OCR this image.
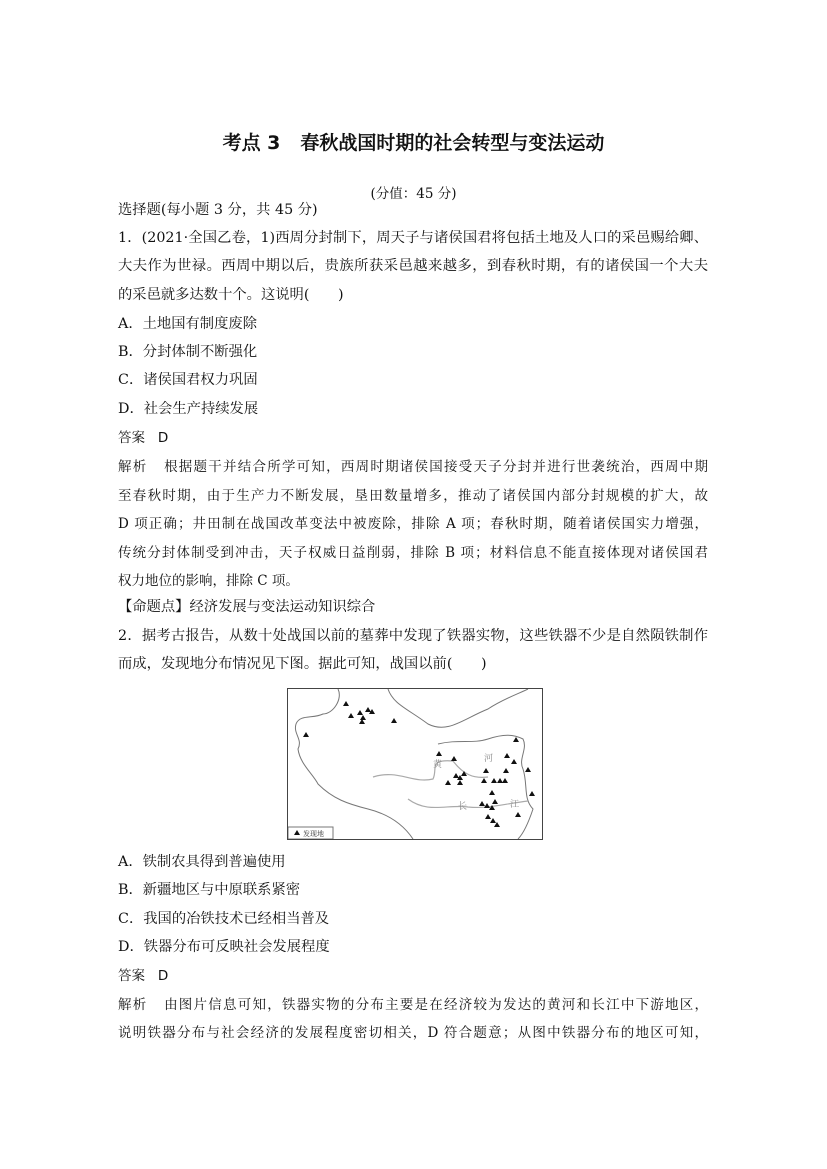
考点 3 春秋战国时期的社会转型与变法运动
(分值：45 分)
选择题(每小题 3 分，共 45 分)
1．(2021·全国乙卷，1)西周分封制下，周天子与诸侯国君将包括土地及人口的采邑赐给卿、
大夫作为世禄。西周中期以后，贵族所获采邑越来越多，到春秋时期，有的诸侯国一个大夫
的采邑就多达数十个。这说明(　　)
A．土地国有制度废除
B．分封体制不断强化
C．诸侯国君权力巩固
D．社会生产持续发展
答案 D
解析 根据题干并结合所学可知，西周时期诸侯国接受天子分封并进行世袭统治，西周中期
至春秋时期，由于生产力不断发展，垦田数量增多，推动了诸侯国内部分封规模的扩大，故
D 项正确；井田制在战国改革变法中被废除，排除 A 项；春秋时期，随着诸侯国实力增强，
传统分封体制受到冲击，天子权威日益削弱，排除 B 项；材料信息不能直接体现对诸侯国君
权力地位的影响，排除 C 项。
【命题点】经济发展与变法运动知识综合
2．据考古报告，从数十处战国以前的墓葬中发现了铁器实物，这些铁器不少是自然陨铁制作
而成，发现地分布情况见下图。据此可知，战国以前(　　)
黄
河
长	江
发现地
A．铁制农具得到普遍使用
B．新疆地区与中原联系紧密
C．我国的冶铁技术已经相当普及
D．铁器分布可反映社会发展程度
答案 D
解析 由图片信息可知，铁器实物的分布主要是在经济较为发达的黄河和长江中下游地区，
说明铁器分布与社会经济的发展程度密切相关，D 符合题意；从图中铁器分布的地区可知，
